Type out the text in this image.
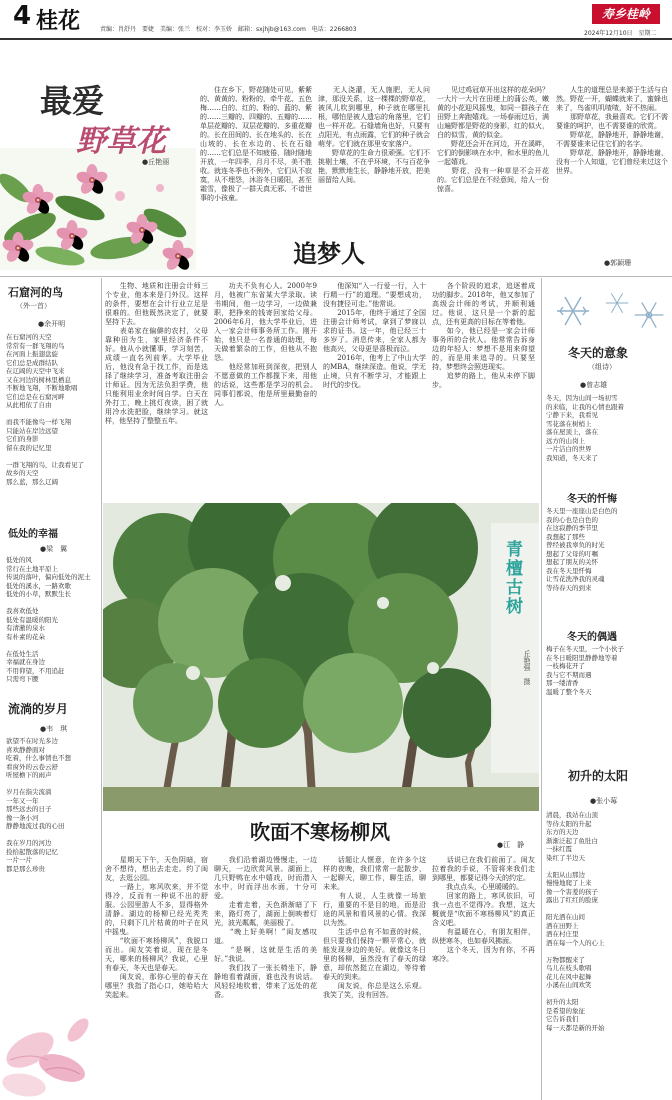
4 桂花	责编：肖舒丹　要婕　美编：张兰　校对：李玉娇　邮箱：sxjhjb@163.com　电话：2266803
寿乡桂岭
2024年12月10日　星期二
最爱
野草花
●丘艳丽
　　住在乡下，野花随处可见，紫紫的、黄黄的、粉粉的，牵牛花、五色梅……白的、红的、粉的、蓝的、紫的……三瓣的、四瓣的、五瓣的……单层花瓣的、双层花瓣的、多重花瓣的。长在田间的、长在地头的、长在山坡的、长在水边的、长在石缝的……它们总是不知疲倦，随时随地开放，一年四季，月月不尽，美不胜收。就连冬季也不例外，它们从不寂寞，从不埋怨，沐浴冬日暖阳，甚至霜雪，像极了一群天真无邪、不谙世事的小孩童。
　　无人浇灌，无人施肥，无人问津，那没关系，这一棵棵的野草花，被风儿吹到哪里，种子就在哪里扎根，哪怕是被人遗忘的角落里，它们也一样开花。石缝墙角也好，只要有点阳光，有点雨露，它们的种子就会萌芽。它们就在那里安家落户。
　　野草花的生命力很顽强。它们不挑剔土壤，不在乎环境，不与百花争艳，默默地生长，静静地开放，把美丽留给人间。
　　见过鸡冠草开出这样的花朵吗？一大片一大片在田埂上的蒲公英，嫩黄的小花迎风摇曳，如同一群孩子在田野上奔跑嬉戏。一场春雨过后，满山遍野都是野花的身影，红的似火，白的似雪，黄的似金。
　　野花还会开在河边，开在溪畔，它们的倒影映在水中，和水里的鱼儿一起嬉戏。
　　野花，没有一种草是不会开花的。它们总是在不经意间，给人一份惊喜。
　　人生的道理总是来源于生活与自然。野花一开，蝴蝶就来了，蜜蜂也来了，鸟雀叽叽喳喳，好不热闹。
　　那野草花，我最喜欢。它们不需要谁的呵护，也不需要谁的欣赏。
　　野草花，静静地开，静静地谢，不需要谁来记住它们的名字。
　　野草花，静静地开，静静地谢，没有一个人知道，它们曾经来过这个世界。
追梦人	●郭颖珊
石窟河的鸟
（外一首）
●余开明
在石窟河的天空
常常有一群飞翔的鸟
在河面上振翅盘旋
它们总是成群结队
在辽阔的天空中飞来
又在河边的树林里栖息
不断地飞翔，不断地歌唱
它们总是在石窟河畔
从此相依了自由

而我不能像鸟一样飞翔
只能站在岸边远望
它们的身影
留在我的记忆里

一群飞翔的鸟，让我看见了
故乡的天空
那么蓝，那么辽阔
低处的幸福
●梁　翼
低处的风
常行在土地平原上
传说的落叶，偏向低处的泥土
低处的溪水，一路欢歌
低处的小草，默默生长

我喜欢低处
低处有温暖的阳光
有清澈的泉水
有朴素的花朵

在低处生活
幸福就在身边
不用仰望，不用追赶
只需弯下腰
流淌的岁月
●韦　琪
欲望不在时光多边
喜欢静静面对
吃着，什么事情也不想
看窗外的云卷云舒
听屋檐下的雨声

岁月在指尖流淌
一年又一年
那些远去的日子
像一条小河
静静地流过我的心田

我在岁月的河边
捡拾起散落的记忆
一片一片
都是那么珍贵
　　生物、地质和注册会计师三个专业，他本来是门外汉。这样的条件，要想在会计行业立足是很难的。但他既然决定了，就要坚持下去。
　　表弟家在偏僻的农村，父母靠种田为生，家里经济条件不好。他从小就懂事，学习刻苦，成绩一直名列前茅。大学毕业后，他没有急于找工作，而是选择了继续学习，准备考取注册会计师证。因为无法负担学费，他只能利用业余时间自学。白天在外打工，晚上挑灯夜读，困了就用冷水洗把脸，继续学习。就这样，他坚持了整整五年。
　　功夫不负有心人。2000年9月，他被广东省某大学录取。读书期间，他一边学习，一边做兼职，把挣来的钱寄回家给父母。2006年6月，他大学毕业后，进入一家会计师事务所工作。刚开始，他只是一名普通的助理，每天做着繁杂的工作，但他从不抱怨。
　　他经常加班到深夜，把别人不愿意做的工作都揽下来，用他的话说，这些都是学习的机会。同事们都说，他是所里最勤奋的人。
　　他深知“入一行爱一行，入十行精一行”的道理。“要想成功，没有捷径可走。”他常说。
　　2015年，他终于通过了全国注册会计师考试，拿到了梦寐以求的证书。这一年，他已经三十多岁了。消息传来，全家人都为他高兴，父母更是喜极而泣。
　　2016年，他考上了中山大学的MBA，继续深造。他说，学无止境，只有不断学习，才能跟上时代的步伐。
　　各个阶段的追求，追逐着成功的脚步。2018年，他又参加了高级会计师的考试，并顺利通过。他说，这只是一个新的起点，还有更高的目标在等着他。
　　如今，他已经是一家会计师事务所的合伙人。他常常告诉身边的年轻人：梦想不是用来仰望的，而是用来追寻的。只要坚持，梦想终会照进现实。
　　追梦的路上，他从未停下脚步。
青檀古树
丘艳强　摄
吹面不寒杨柳风
●江　静
　　星期天下午，天色阴暗，宿舍不想待，想出去走走。约了闺友，去逛公园。
　　一路上，寒风吹来，并不觉得冷，反而有一种说不出的舒服。公园里游人不多，显得格外清静。湖边的杨柳已经光秃秃的，只剩下几片枯黄的叶子在风中摇曳。
　　“吹面不寒杨柳风”，我脱口而出。闺友笑着说，现在是冬天，哪来的杨柳风？我说，心里有春天，冬天也是春天。
　　闺友说，那你心里的春天在哪里？我指了指心口，她哈哈大笑起来。
　　我们沿着湖边慢慢走，一边聊天，一边欣赏风景。湖面上，几只野鸭在水中嬉戏，时而潜入水中，时而浮出水面，十分可爱。
　　走着走着，天色渐渐暗了下来，路灯亮了，湖面上倒映着灯光，波光粼粼，美丽极了。
　　“晚上好美啊！”闺友感叹道。
　　“是啊，这就是生活的美好。”我说。
　　我们找了一张长椅坐下，静静地看着湖面，谁也没有说话。风轻轻地吹着，带来了远处的花香。
　　话题让人惬意，在许多个这样的夜晚，我们常常一起散步，一起聊天，聊工作，聊生活，聊未来。
　　有人说，人生就像一场旅行，重要的不是目的地，而是沿途的风景和看风景的心情。我深以为然。
　　生活中总有不如意的时候，但只要我们保持一颗平常心，就能发现身边的美好。就像这冬日里的杨柳，虽然没有了春天的绿意，却依然挺立在湖边，等待着春天的到来。
　　闺友说，你总是这么乐观。我笑了笑，没有回答。
　　话说已在我们前面了。闺友拉着我的手说，不管将来我们走到哪里，都要记得今天的约定。
　　我点点头，心里暖暖的。
　　回家的路上，寒风依旧，可我一点也不觉得冷。我想，这大概就是“吹面不寒杨柳风”的真正含义吧。
　　有温暖在心，有朋友相伴，纵使寒冬，也如春风拂面。
　　这个冬天，因为有你，不再寒冷。
冬天的意象
（组诗）
●曾志雄
冬天，因为山间一场初雪
的来临，让我的心情也跟着
宁静下来，我看见
雪花落在树梢上
落在屋顶上，落在
远方的山岗上
一片洁白的世界
我知道，冬天来了
冬天的忏悔
冬天里一座座山是白色的
我的心也是白色的
在这寂静的季节里
我想起了那些
曾经被我辜负的时光
想起了父母的叮嘱
想起了朋友的关怀
我在冬天里忏悔
让雪花洗净我的灵魂
等待春天的到来
冬天的偶遇
梅子在冬天里，一个小伙子
在冬日暖阳里静静地等着
一枝梅花开了
我与它不期而遇
那一缕清香
温暖了整个冬天
初升的太阳
●张小莓
清晨，我站在山顶
等待太阳的升起
东方的天边
渐渐泛起了鱼肚白
一抹红霞
染红了半边天

太阳从山那边
慢慢地爬了上来
像一个害羞的孩子
露出了红红的脸庞

阳光洒在山间
洒在田野上
洒在村庄里
洒在每一个人的心上

万物都醒来了
鸟儿在枝头歌唱
花儿在风中起舞
小溪在山间欢笑

初升的太阳
是希望的象征
它告诉我们
每一天都是新的开始
